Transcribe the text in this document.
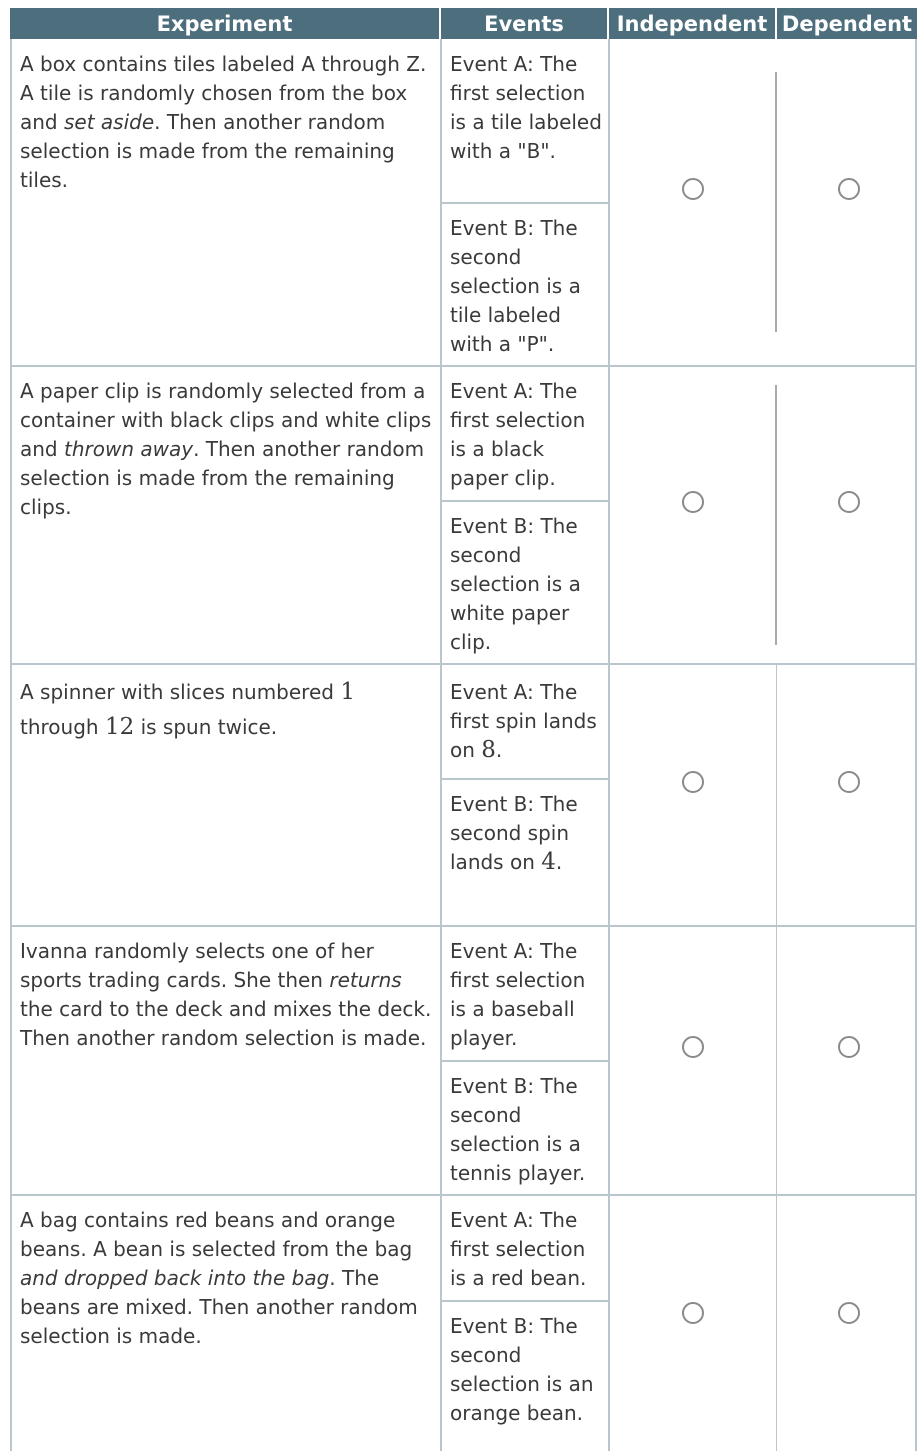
Experiment	Events	Independent Dependent
A box contains tiles labeled A through Z. A tile is randomly chosen from the box and set aside. Then another random selection is made from the remaining tiles.
Event A: The first selection is a tile labeled with a "B".
Event B: The second selection is a tile labeled with a "P".
A paper clip is randomly selected from a container with black clips and white clips and thrown away. Then another random selection is made from the remaining clips.
Event A: The first selection is a black paper clip.
Event B: The second selection is a white paper clip.
A spinner with slices numbered 1 through 12 is spun twice.
Event A: The first spin lands on 8.
Event B: The second spin lands on 4.
Ivanna randomly selects one of her sports trading cards. She then returns the card to the deck and mixes the deck. Then another random selection is made.
Event A: The first selection is a baseball player.
Event B: The second selection is a tennis player.
A bag contains red beans and orange beans. A bean is selected from the bag and dropped back into the bag. The beans are mixed. Then another random selection is made.
Event A: The first selection is a red bean.
Event B: The second selection is an orange bean.
